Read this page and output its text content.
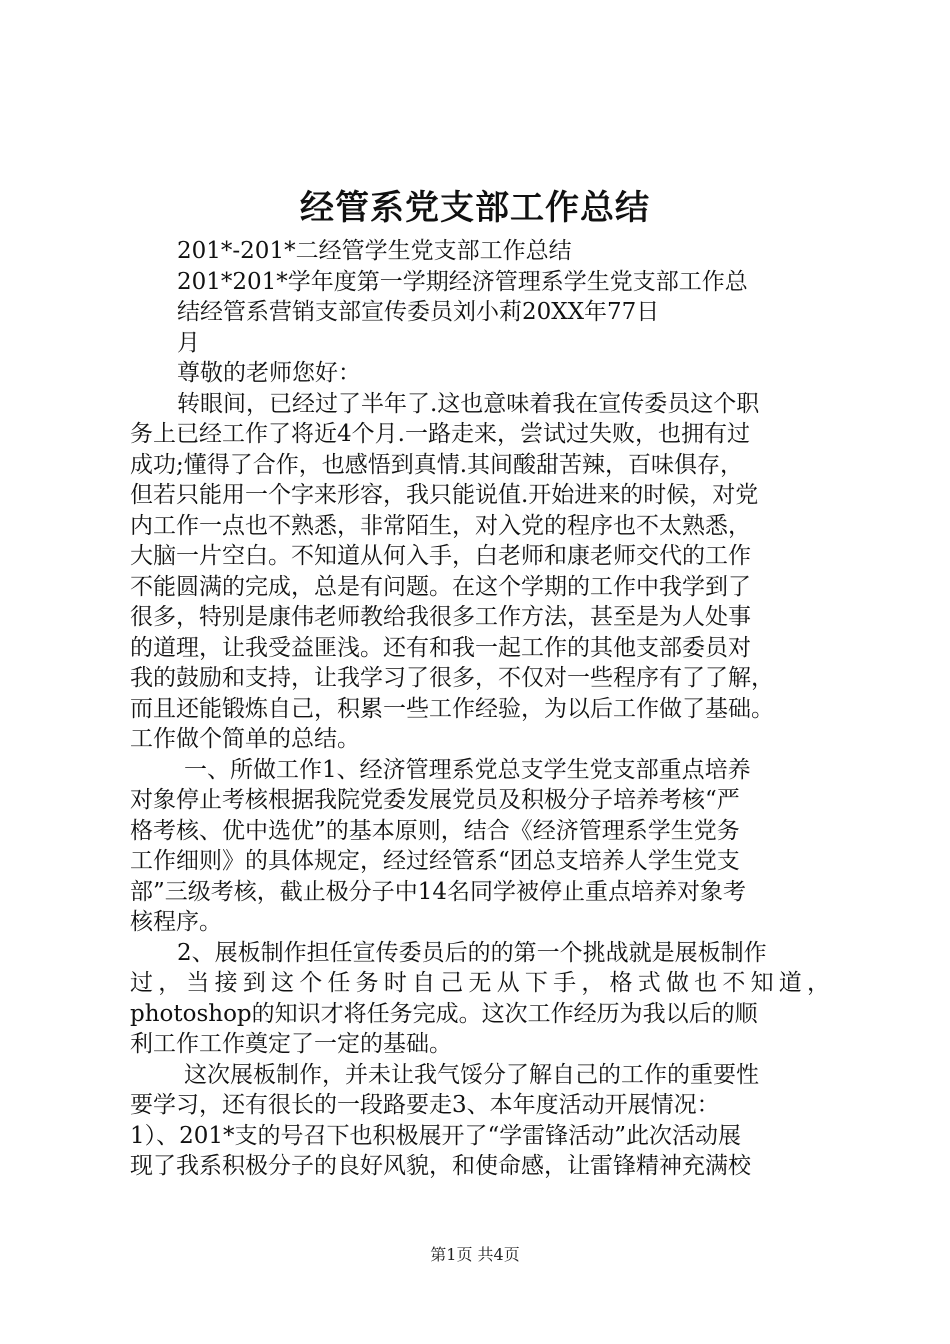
经管系党支部工作总结

201*-201*二经管学生党支部工作总结

201*201*学年度第一学期经济管理系学生党支部工作总

结经管系营销支部宣传委员刘小莉20XX年77日

月

尊敬的老师您好：

转眼间，已经过了半年了.这也意味着我在宣传委员这个职

务上已经工作了将近4个月.一路走来，尝试过失败，也拥有过

成功;懂得了合作，也感悟到真情.其间酸甜苦辣，百味俱存，

但若只能用一个字来形容，我只能说值.开始进来的时候，对党

内工作一点也不熟悉，非常陌生，对入党的程序也不太熟悉，

大脑一片空白。不知道从何入手，白老师和康老师交代的工作

不能圆满的完成，总是有问题。在这个学期的工作中我学到了

很多，特别是康伟老师教给我很多工作方法，甚至是为人处事

的道理，让我受益匪浅。还有和我一起工作的其他支部委员对

我的鼓励和支持，让我学习了很多，不仅对一些程序有了了解，

而且还能锻炼自己，积累一些工作经验，为以后工作做了基础。

工作做个简单的总结。

一、所做工作1、经济管理系党总支学生党支部重点培养

对象停止考核根据我院党委发展党员及积极分子培养考核“严

格考核、优中选优”的基本原则，结合《经济管理系学生党务

工作细则》的具体规定，经过经管系“团总支培养人学生党支

部”三级考核，截止极分子中14名同学被停止重点培养对象考

核程序。

2、展板制作担任宣传委员后的的第一个挑战就是展板制作

过，当接到这个任务时自己无从下手，格式做也不知道，

photoshop的知识才将任务完成。这次工作经历为我以后的顺

利工作工作奠定了一定的基础。

这次展板制作，并未让我气馁分了解自己的工作的重要性

要学习，还有很长的一段路要走3、本年度活动开展情况：

1）、201*支的号召下也积极展开了“学雷锋活动”此次活动展

现了我系积极分子的良好风貌，和使命感，让雷锋精神充满校

第1页 共4页
